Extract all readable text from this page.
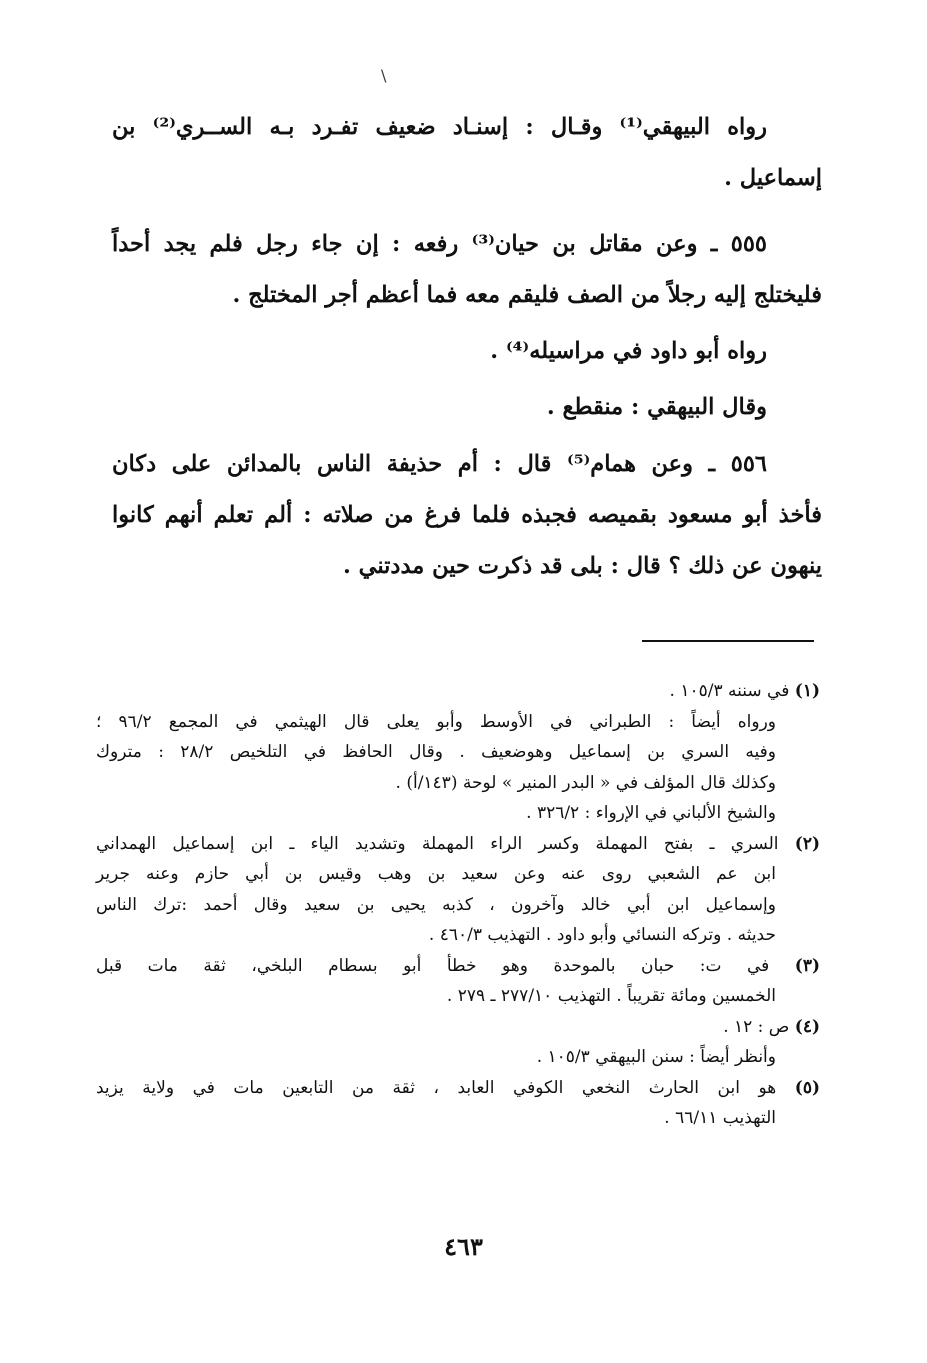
\
رواه البيهقي⁽¹⁾ وقـال : إسنـاد ضعيف تفـرد بـه الســري⁽²⁾ بن
إسماعيل .
٥٥٥ ـ وعن مقاتل بن حيان⁽³⁾ رفعه : إن جاء رجل فلم يجد أحداً
فليختلج إليه رجلاً من الصف فليقم معه فما أعظم أجر المختلج .
رواه أبو داود في مراسيله⁽⁴⁾ .
وقال البيهقي : منقطع .
٥٥٦ ـ وعن همام⁽⁵⁾ قال : أم حذيفة الناس بالمدائن على دكان
فأخذ أبو مسعود بقميصه فجبذه فلما فرغ من صلاته : ألم تعلم أنهم كانوا
ينهون عن ذلك ؟ قال : بلى قد ذكرت حين مددتني .
(١) في سننه ١٠٥/٣ .
ورواه أيضاً : الطبراني في الأوسط وأبو يعلى قال الهيثمي في المجمع ٩٦/٢ ؛
وفيه السري بن إسماعيل وهوضعيف . وقال الحافظ في التلخيص ٢٨/٢ : متروك
وكذلك قال المؤلف في « البدر المنير » لوحة (١٤٣/أ) .
والشيخ الألباني في الإرواء : ٣٢٦/٢ .
(٢) السري ـ بفتح المهملة وكسر الراء المهملة وتشديد الياء ـ ابن إسماعيل الهمداني
ابن عم الشعبي روى عنه وعن سعيد بن وهب وقيس بن أبي حازم وعنه جرير
وإسماعيل ابن أبي خالد وآخرون ، كذبه يحيى بن سعيد وقال أحمد :ترك الناس
حديثه . وتركه النسائي وأبو داود . التهذيب ٤٦٠/٣ .
(٣) في ت: حبان بالموحدة وهو خطأ أبو بسطام البلخي، ثقة مات قبل
الخمسين ومائة تقريباً . التهذيب ٢٧٧/١٠ ـ ٢٧٩ .
(٤) ص : ١٢ .
وأنظر أيضاً : سنن البيهقي ١٠٥/٣ .
(٥) هو ابن الحارث النخعي الكوفي العابد ، ثقة من التابعين مات في ولاية يزيد
التهذيب ٦٦/١١ .
٤٦٣
